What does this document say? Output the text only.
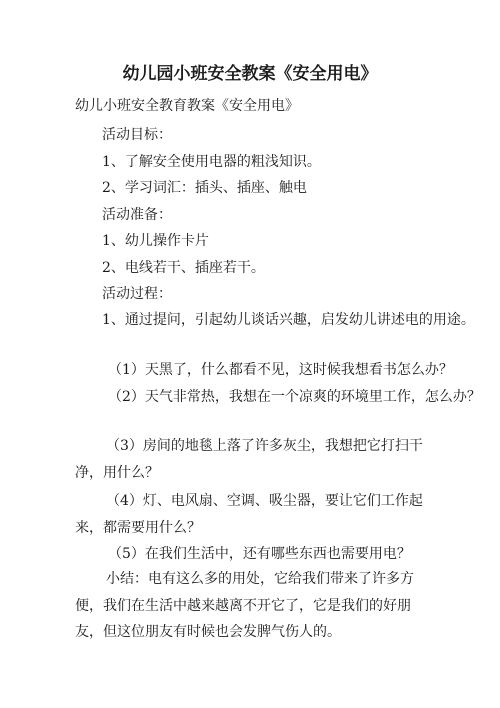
幼儿园小班安全教案《安全用电》
幼儿小班安全教育教案《安全用电》
活动目标：
1、了解安全使用电器的粗浅知识。
2、学习词汇：插头、插座、触电
活动准备：
1、幼儿操作卡片
2、电线若干、插座若干。
活动过程：
1、通过提问，引起幼儿谈话兴趣，启发幼儿讲述电的用途。
（1）天黑了，什么都看不见，这时候我想看书怎么办？
（2）天气非常热，我想在一个凉爽的环境里工作，怎么办？
（3）房间的地毯上落了许多灰尘，我想把它打扫干净，用什么？
（4）灯、电风扇、空调、吸尘器，要让它们工作起来，都需要用什么？
（5）在我们生活中，还有哪些东西也需要用电？
小结：电有这么多的用处，它给我们带来了许多方便，我们在生活中越来越离不开它了，它是我们的好朋友，但这位朋友有时候也会发脾气伤人的。
